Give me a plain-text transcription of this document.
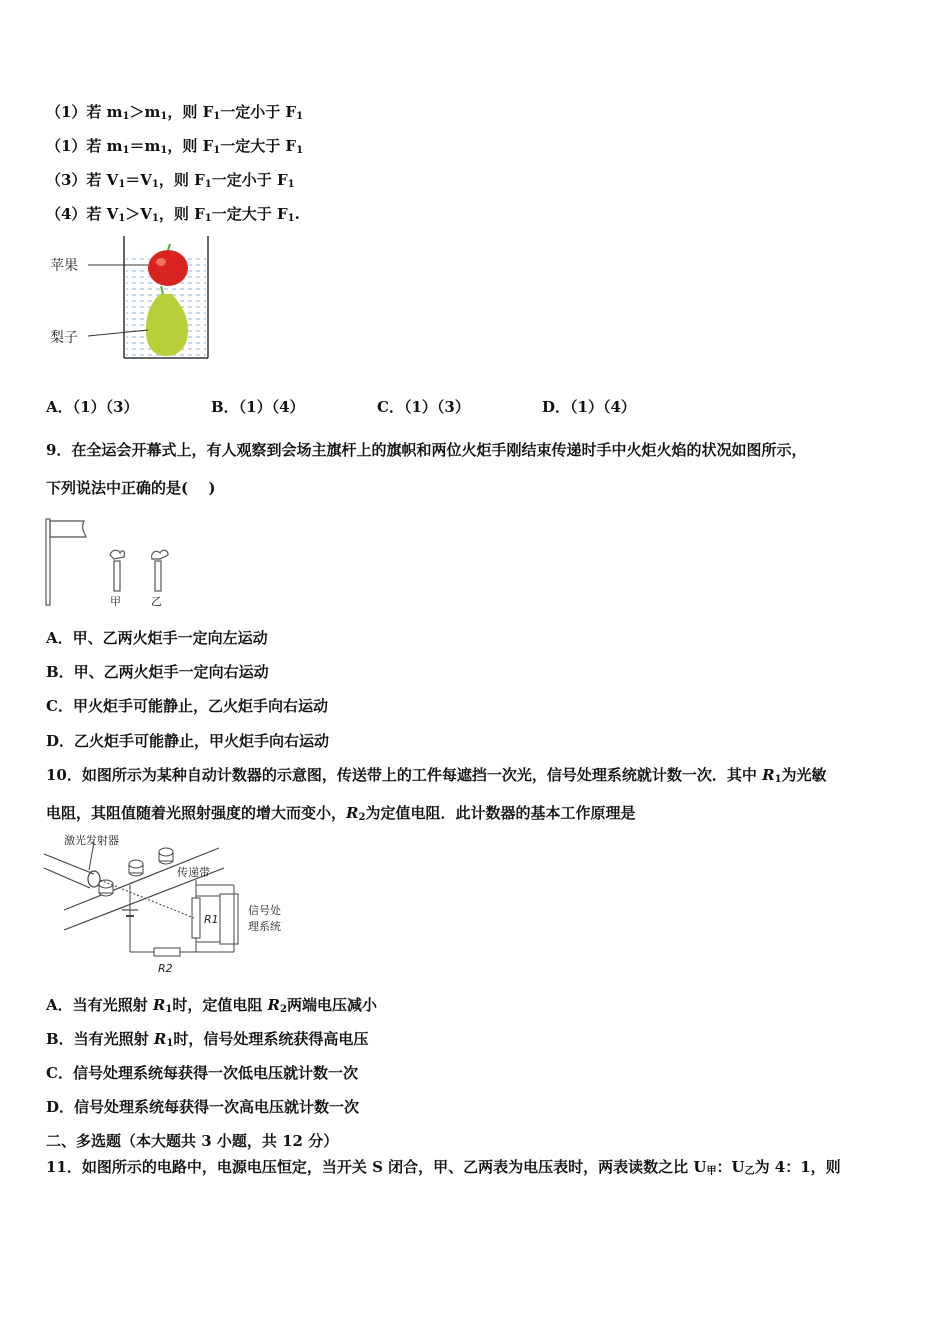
（1）若 $m_1>m_1$，则 $F_1$一定小于 $F_1$
（1）若 $m_1=m_1$，则 $F_1$一定大于 $F_1$
（3）若 $V_1=V_1$，则 $F_1$一定小于 $F_1$
（4）若 $V_1>V_1$，则 $F_1$一定大于 $F_1$.
苹果
梨子
A．（1）（3）	B．（1）（4）	C．（1）（3）	D．（1）（4）
9．在全运会开幕式上，有人观察到会场主旗杆上的旗帜和两位火炬手刚结束传递时手中火炬火焰的状况如图所示，
下列说法中正确的是(　 )
甲	乙
A．甲、乙两火炬手一定向左运动
B．甲、乙两火炬手一定向右运动
C．甲火炬手可能静止，乙火炬手向右运动
D．乙火炬手可能静止，甲火炬手向右运动
10．如图所示为某种自动计数器的示意图，传送带上的工件每遮挡一次光，信号处理系统就计数一次．其中 $R_1$为光敏
电阻，其阻值随着光照射强度的增大而变小，$R_2$为定值电阻．此计数器的基本工作原理是
激光发射器
传递带
R1
R2
信号处
理系统
A．当有光照射 $R_1$时，定值电阻 $R_2$两端电压减小
B．当有光照射 $R_1$时，信号处理系统获得高电压
C．信号处理系统每获得一次低电压就计数一次
D．信号处理系统每获得一次高电压就计数一次
二、多选题（本大题共 3 小题，共 12 分）
11．如图所示的电路中，电源电压恒定，当开关 S 闭合，甲、乙两表为电压表时，两表读数之比 $U_甲$：$U_乙$为 4：1，则
